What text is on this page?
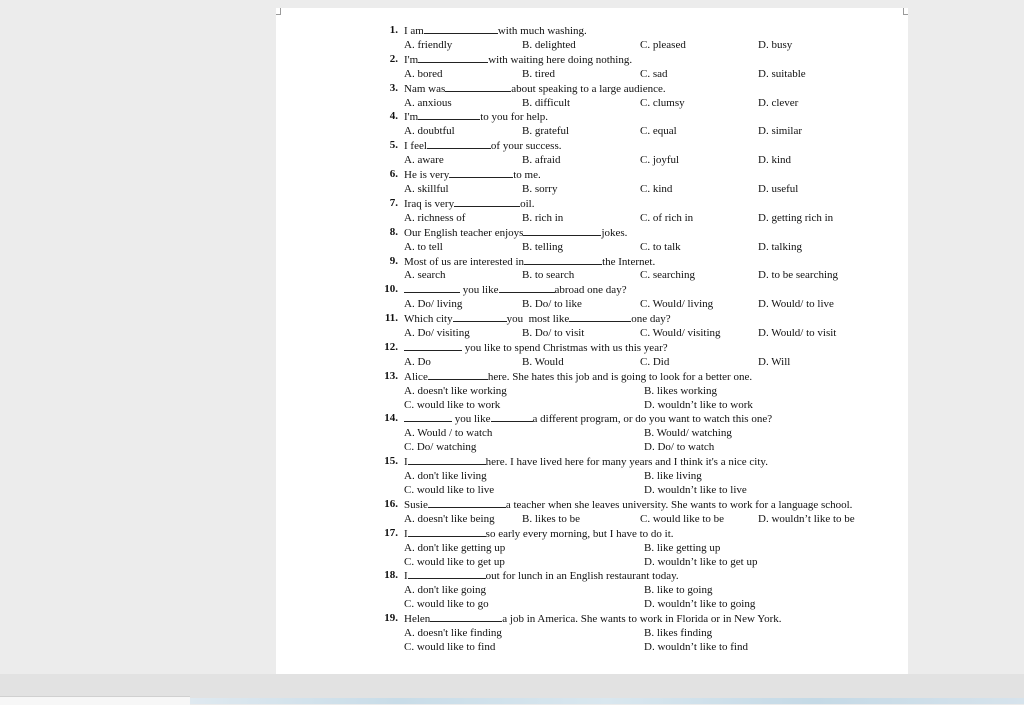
1. I am	with much washing.
A. friendly	B. delighted	C. pleased	D. busy
2. I'm	with waiting here doing nothing.
A. bored	B. tired	C. sad	D. suitable
3. Nam was	about speaking to a large audience.
A. anxious	B. difficult	C. clumsy	D. clever
4. I'm	to you for help.
A. doubtful	B. grateful	C. equal	D. similar
5. I feel	of your success.
A. aware	B. afraid	C. joyful	D. kind
6. He is very	to me.
A. skillful	B. sorry	C. kind	D. useful
7. Iraq is very	oil.
A. richness of	B. rich in	C. of rich in	D. getting rich in
8. Our English teacher enjoys	jokes.
A. to tell	B. telling	C. to talk	D. talking
9. Most of us are interested in	the Internet.
A. search	B. to search	C. searching	D. to be searching
10.	you like	abroad one day?
A. Do/ living	B. Do/ to like	C. Would/ living	D. Would/ to live
11. Which city	you  most like	one day?
A. Do/ visiting	B. Do/ to visit	C. Would/ visiting	D. Would/ to visit
12.	you like to spend Christmas with us this year?
A. Do	B. Would	C. Did	D. Will
13. Alice	here. She hates this job and is going to look for a better one.
A. doesn't like working	B. likes working
C. would like to work	D. wouldn’t like to work
14.	you like	a different program, or do you want to watch this one?
A. Would / to watch	B. Would/ watching
C. Do/ watching	D. Do/ to watch
15. I	here. I have lived here for many years and I think it's a nice city.
A. don't like living	B. like living
C. would like to live	D. wouldn’t like to live
16. Susie	a teacher when she leaves university. She wants to work for a language school.
A. doesn't like being	B. likes to be	C. would like to be	D. wouldn’t like to be
17. I	so early every morning, but I have to do it.
A. don't like getting up	B. like getting up
C. would like to get up	D. wouldn’t like to get up
18. I	out for lunch in an English restaurant today.
A. don't like going	B. like to going
C. would like to go	D. wouldn’t like to going
19. Helen	a job in America. She wants to work in Florida or in New York.
A. doesn't like finding	B. likes finding
C. would like to find	D. wouldn’t like to find
